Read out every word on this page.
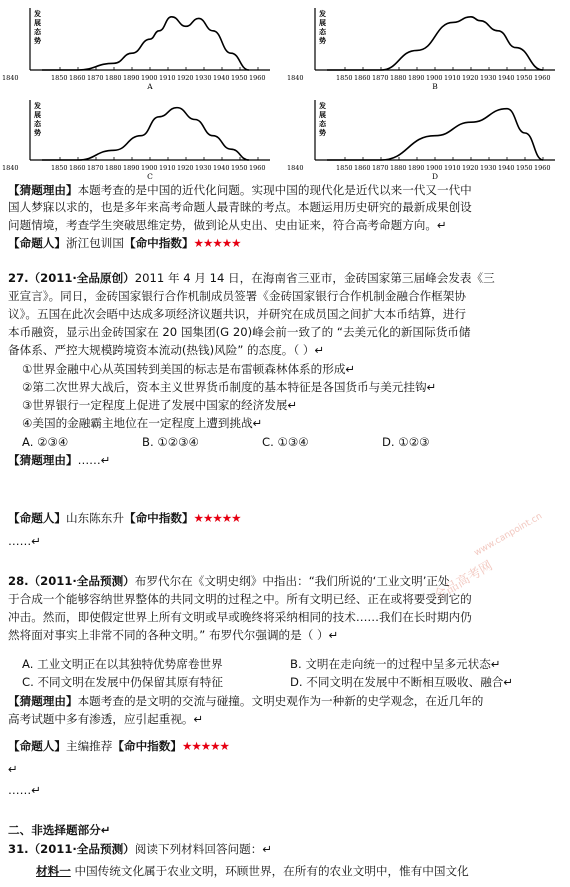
发
展
态
势
1840	1850 1860 1870 1880 1890 1900 1910 1920 1930 1940 1950 1960
A
发
展
态
势
1840	1850 1860 1870 1880 1890 1900 1910 1920 1930 1940 1950 1960
B
发
展
态
势
1840	1850 1860 1870 1880 1890 1900 1910 1920 1930 1940 1950 1960
C
发
展
态
势
1840	1850 1860 1870 1880 1890 1900 1910 1920 1930 1940 1950 1960
D
全品高考网
www.canpoint.cn
【猜题理由】本题考查的是中国的近代化问题。实现中国的现代化是近代以来一代又一代中
国人梦寐以求的，也是多年来高考命题人最青睐的考点。本题运用历史研究的最新成果创设
问题情境，考查学生突破思维定势，做到论从史出、史由证来，符合高考命题方向。↵
【命题人】浙江包训国【命中指数】★★★★★
27.（2011·全品原创）2011 年 4 月 14 日，在海南省三亚市，金砖国家第三届峰会发表《三
亚宣言》。同日，金砖国家银行合作机制成员签署《金砖国家银行合作机制金融合作框架协
议》。五国在此次会晤中达成多项经济议题共识，并研究在成员国之间扩大本币结算，进行
本币融资，显示出金砖国家在 20 国集团(G 20)峰会前一致了的 “去美元化的新国际货币储
备体系、严控大规模跨境资本流动(热钱)风险” 的态度。（ ）↵
①世界金融中心从英国转到美国的标志是布雷顿森林体系的形成↵
②第二次世界大战后，资本主义世界货币制度的基本特征是各国货币与美元挂钩↵
③世界银行一定程度上促进了发展中国家的经济发展↵
④美国的金融霸主地位在一定程度上遭到挑战↵
A. ②③④	B. ①②③④	C. ①③④	D. ①②③
【猜题理由】……↵
【命题人】山东陈东升【命中指数】★★★★★
……↵
28.（2011·全品预测）布罗代尔在《文明史纲》中指出：“我们所说的‘工业文明’正处
于合成一个能够容纳世界整体的共同文明的过程之中。所有文明已经、正在或将要受到它的
冲击。然而，即使假定世界上所有文明或早或晚终将采纳相同的技术……我们在长时期内仍
然将面对事实上非常不同的各种文明。” 布罗代尔强调的是（ ）↵
A. 工业文明正在以其独特优势席卷世界	B. 文明在走向统一的过程中呈多元状态↵
C. 不同文明在发展中仍保留其原有特征	D. 不同文明在发展中不断相互吸收、融合↵
【猜题理由】本题考查的是文明的交流与碰撞。文明史观作为一种新的史学观念，在近几年的
高考试题中多有渗透，应引起重视。↵
【命题人】主编推荐【命中指数】★★★★★
↵
……↵
二、非选择题部分↵
31.（2011·全品预测）阅读下列材料回答问题：↵
材料一 中国传统文化属于农业文明，环顾世界，在所有的农业文明中，惟有中国文化
